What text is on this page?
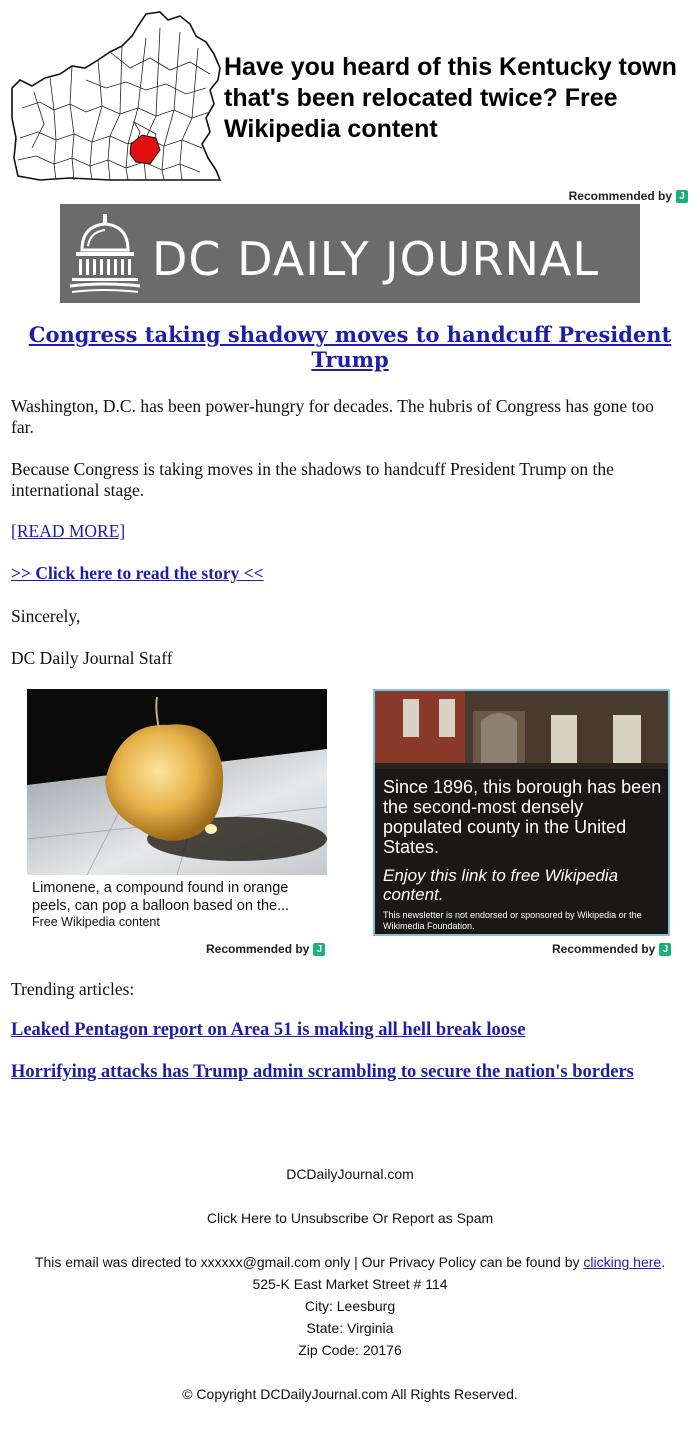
Have you heard of this Kentucky town that's been relocated twice? Free Wikipedia content
Recommended by J
DC DAILY JOURNAL
Congress taking shadowy moves to handcuff President Trump
Washington, D.C. has been power-hungry for decades. The hubris of Congress has gone too far.
Because Congress is taking moves in the shadows to handcuff President Trump on the international stage.
[READ MORE]
>> Click here to read the story <<
Sincerely,
DC Daily Journal Staff
Limonene, a compound found in orange peels, can pop a balloon based on the...
Free Wikipedia content
Recommended by J
Since 1896, this borough has been the second-most densely populated county in the United States.
Enjoy this link to free Wikipedia content.
This newsletter is not endorsed or sponsored by Wikipedia or the Wikimedia Foundation.
Recommended by J
Trending articles:
Leaked Pentagon report on Area 51 is making all hell break loose
Horrifying attacks has Trump admin scrambling to secure the nation's borders
DCDailyJournal.com
Click Here to Unsubscribe Or Report as Spam
This email was directed to xxxxxx@gmail.com only | Our Privacy Policy can be found by clicking here.
525-K East Market Street # 114
City: Leesburg
State: Virginia
Zip Code: 20176
© Copyright DCDailyJournal.com All Rights Reserved.
